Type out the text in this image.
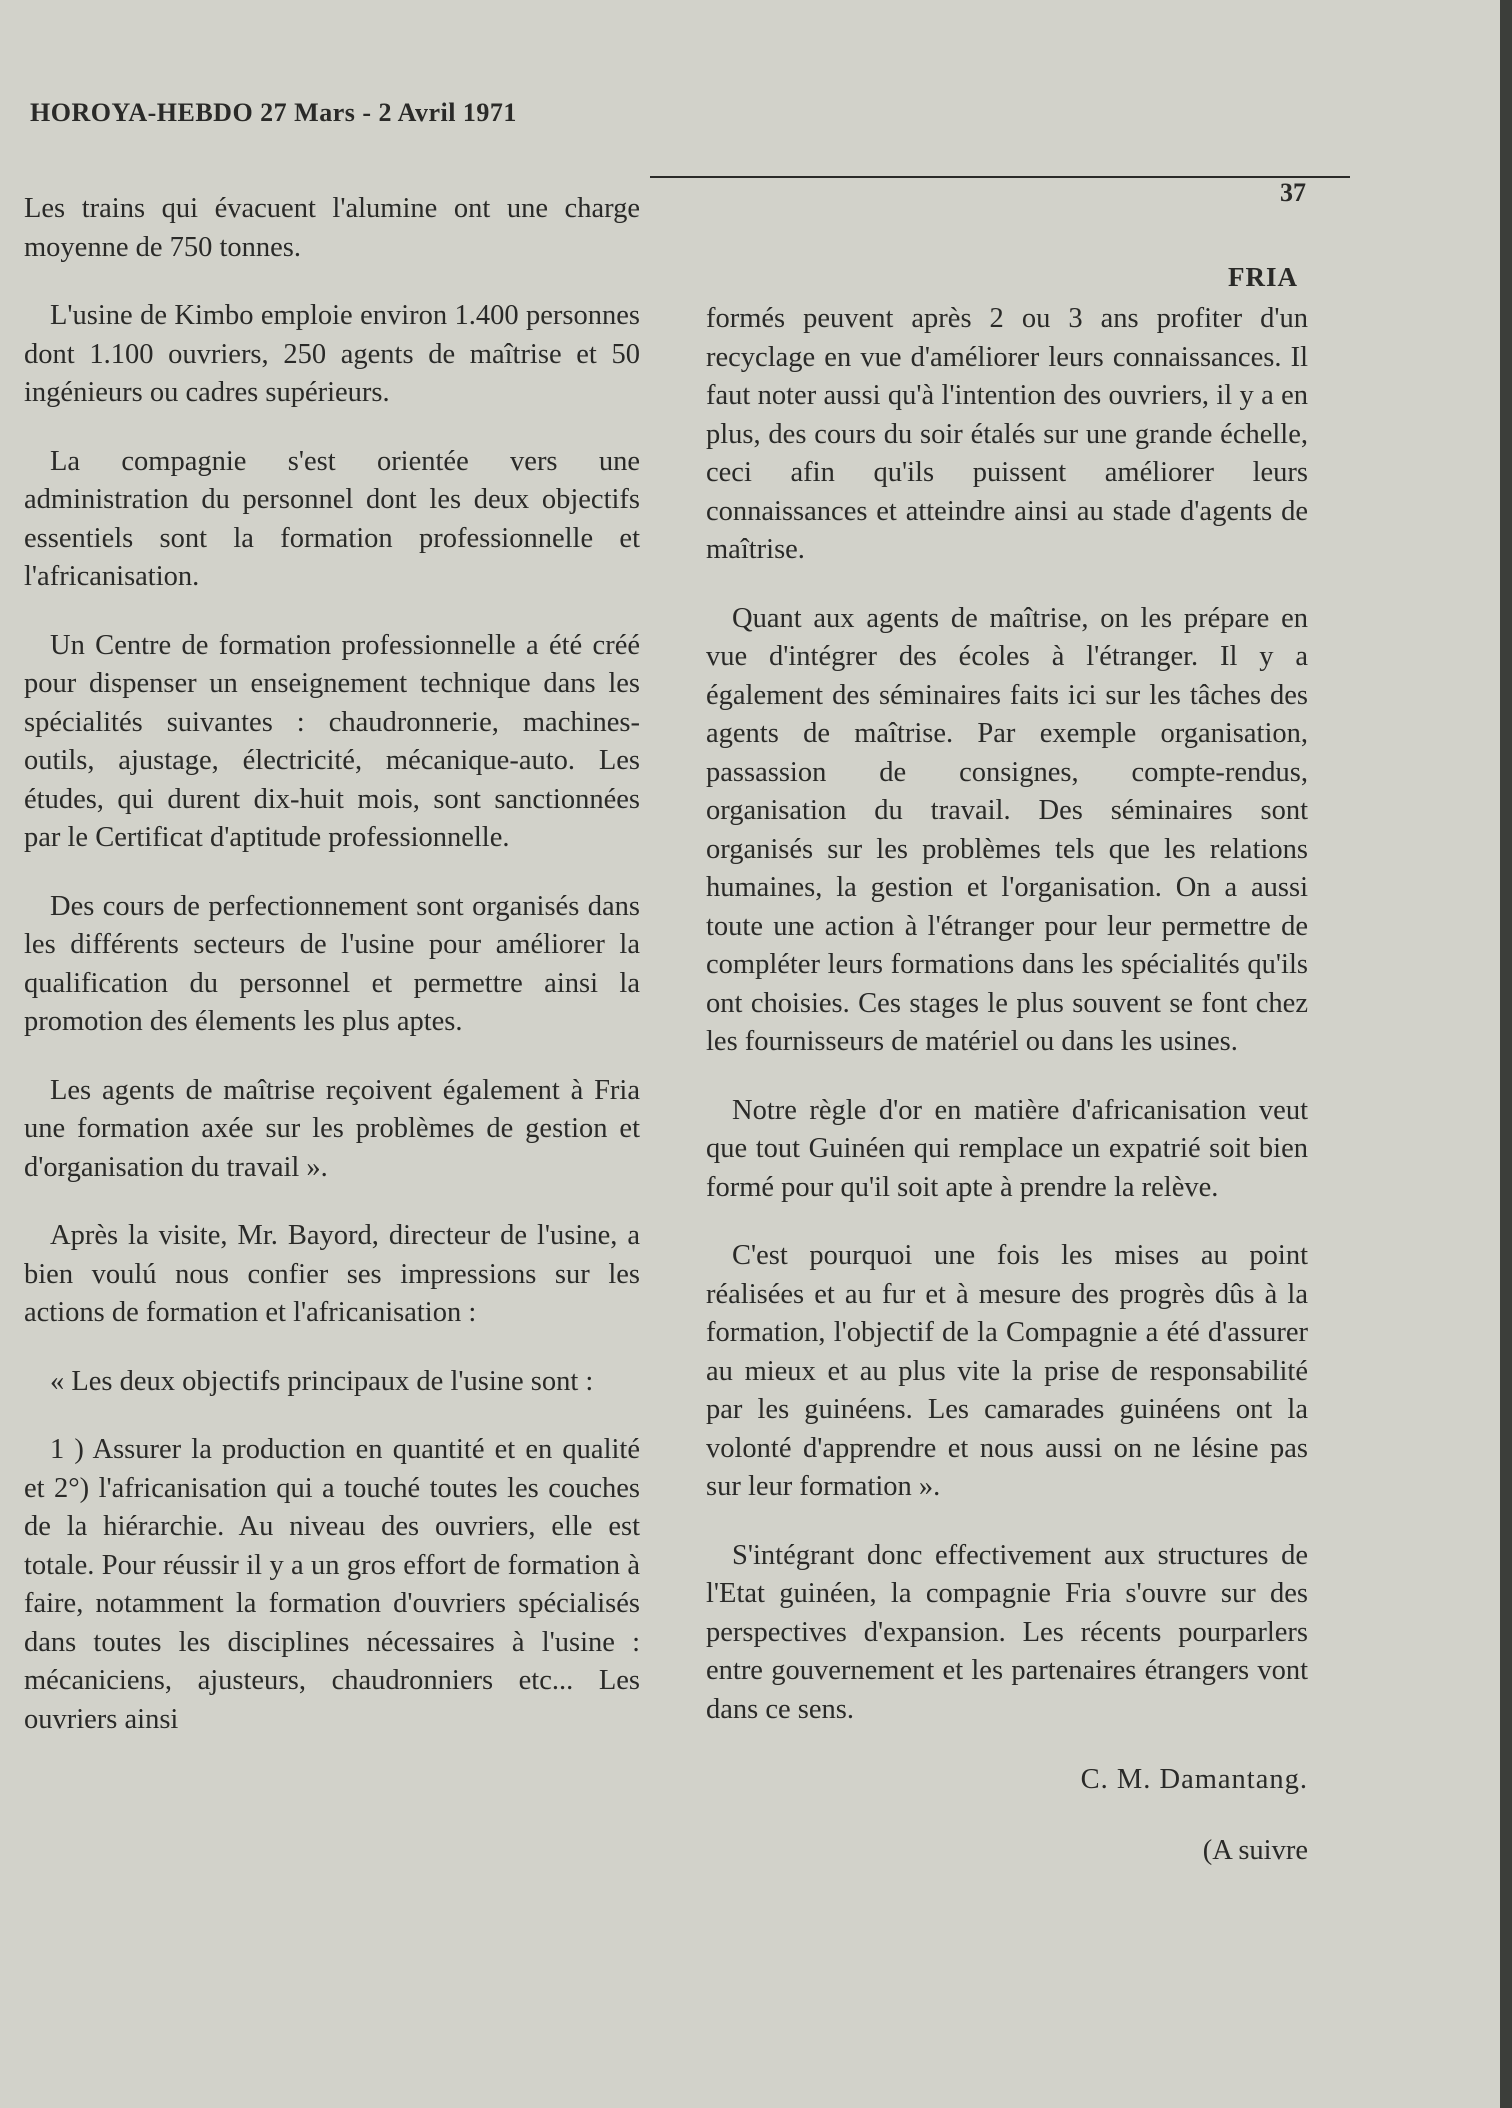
HOROYA-HEBDO 27 Mars - 2 Avril 1971
37
FRIA

Les trains qui évacuent l'alumine ont une charge moyenne de 750 tonnes.

L'usine de Kimbo emploie environ 1.400 personnes dont 1.100 ouvriers, 250 agents de maîtrise et 50 ingénieurs ou cadres supérieurs.

La compagnie s'est orientée vers une administration du personnel dont les deux objectifs essentiels sont la formation professionnelle et l'africanisation.

Un Centre de formation professionnelle a été créé pour dispenser un enseignement technique dans les spécialités suivantes : chaudronnerie, machines-outils, ajustage, électricité, mécanique-auto. Les études, qui durent dix-huit mois, sont sanctionnées par le Certificat d'aptitude professionnelle.

Des cours de perfectionnement sont organisés dans les différents secteurs de l'usine pour améliorer la qualification du personnel et permettre ainsi la promotion des élements les plus aptes.

Les agents de maîtrise reçoivent également à Fria une formation axée sur les problèmes de gestion et d'organisation du travail ».

Après la visite, Mr. Bayord, directeur de l'usine, a bien voulú nous confier ses impressions sur les actions de formation et l'africanisation :

« Les deux objectifs principaux de l'usine sont :

1 ) Assurer la production en quantité et en qualité et 2°) l'africanisation qui a touché toutes les couches de la hiérarchie. Au niveau des ouvriers, elle est totale. Pour réussir il y a un gros effort de formation à faire, notamment la formation d'ouvriers spécialisés dans toutes les disciplines nécessaires à l'usine : mécaniciens, ajusteurs, chaudronniers etc... Les ouvriers ainsi

formés peuvent après 2 ou 3 ans profiter d'un recyclage en vue d'améliorer leurs connaissances. Il faut noter aussi qu'à l'intention des ouvriers, il y a en plus, des cours du soir étalés sur une grande échelle, ceci afin qu'ils puissent améliorer leurs connaissances et atteindre ainsi au stade d'agents de maîtrise.

Quant aux agents de maîtrise, on les prépare en vue d'intégrer des écoles à l'étranger. Il y a également des séminaires faits ici sur les tâches des agents de maîtrise. Par exemple organisation, passassion de consignes, compte-rendus, organisation du travail. Des séminaires sont organisés sur les problèmes tels que les relations humaines, la gestion et l'organisation. On a aussi toute une action à l'étranger pour leur permettre de compléter leurs formations dans les spécialités qu'ils ont choisies. Ces stages le plus souvent se font chez les fournisseurs de matériel ou dans les usines.

Notre règle d'or en matière d'africanisation veut que tout Guinéen qui remplace un expatrié soit bien formé pour qu'il soit apte à prendre la relève.

C'est pourquoi une fois les mises au point réalisées et au fur et à mesure des progrès dûs à la formation, l'objectif de la Compagnie a été d'assurer au mieux et au plus vite la prise de responsabilité par les guinéens. Les camarades guinéens ont la volonté d'apprendre et nous aussi on ne lésine pas sur leur formation ».

S'intégrant donc effectivement aux structures de l'Etat guinéen, la compagnie Fria s'ouvre sur des perspectives d'expansion. Les récents pourparlers entre gouvernement et les partenaires étrangers vont dans ce sens.

C. M. Damantang.

(A suivre
